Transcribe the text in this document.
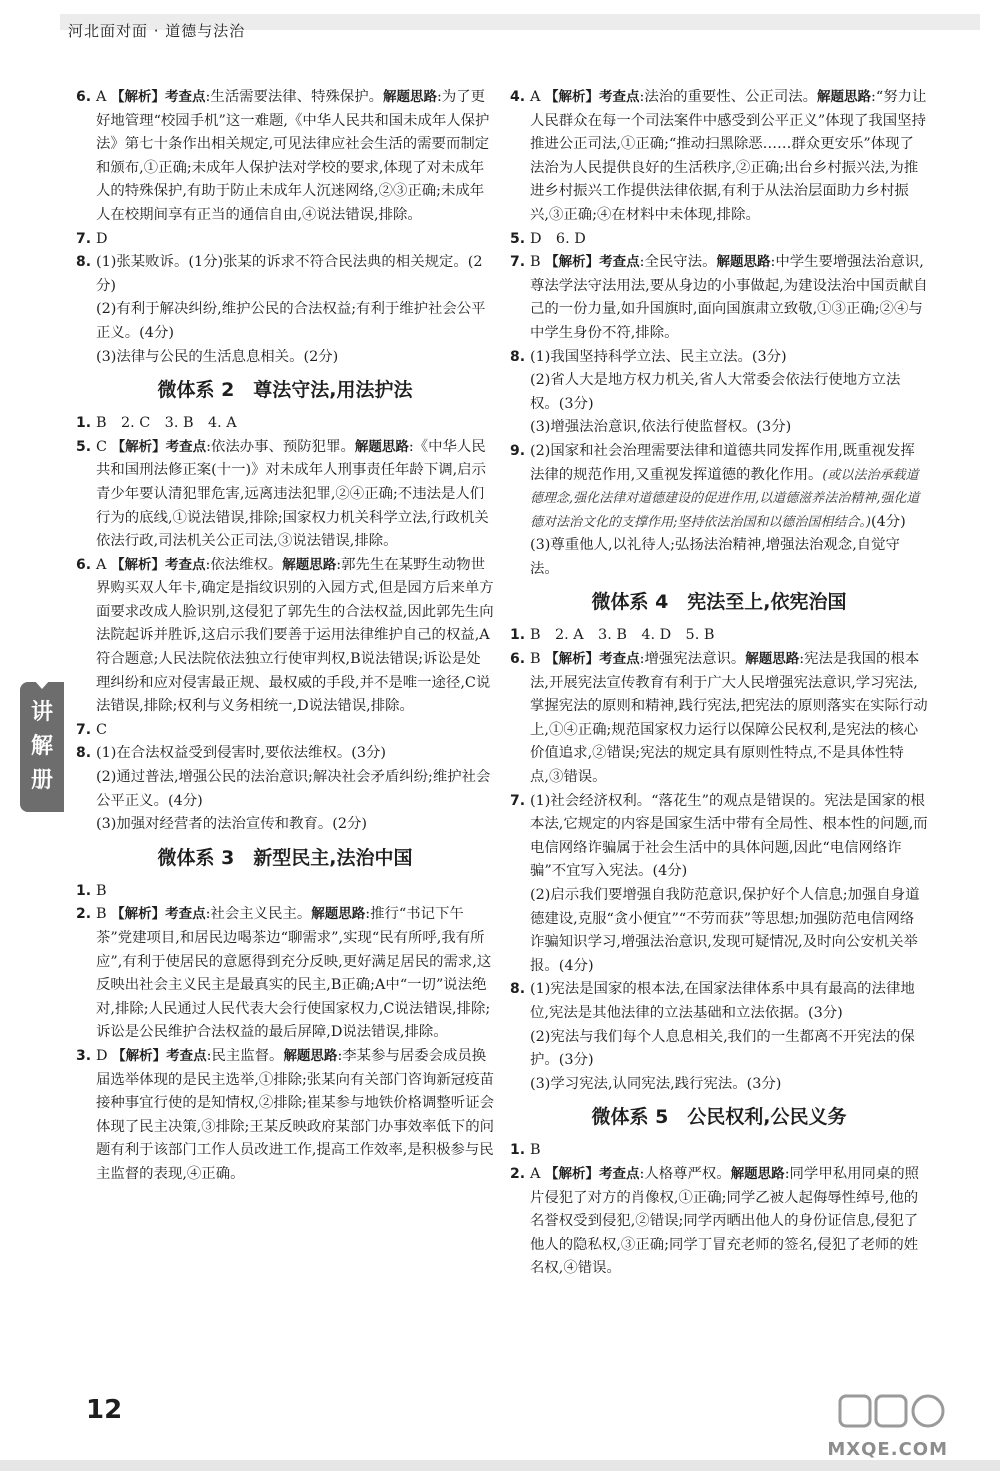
河北面对面 · 道德与法治
6. A 【解析】考查点:生活需要法律、特殊保护。解题思路:为了更好地管理“校园手机”这一难题,《中华人民共和国未成年人保护法》第七十条作出相关规定,可见法律应社会生活的需要而制定和颁布,①正确;未成年人保护法对学校的要求,体现了对未成年人的特殊保护,有助于防止未成年人沉迷网络,②③正确;未成年人在校期间享有正当的通信自由,④说法错误,排除。
7. D
8. (1)张某败诉。(1分)张某的诉求不符合民法典的相关规定。(2分)
(2)有利于解决纠纷,维护公民的合法权益;有利于维护社会公平正义。(4分)
(3)法律与公民的生活息息相关。(2分)
微体系 2　尊法守法,用法护法
1. B　2. C　3. B　4. A
5. C 【解析】考查点:依法办事、预防犯罪。解题思路:《中华人民共和国刑法修正案(十一)》对未成年人刑事责任年龄下调,启示青少年要认清犯罪危害,远离违法犯罪,②④正确;不违法是人们行为的底线,①说法错误,排除;国家权力机关科学立法,行政机关依法行政,司法机关公正司法,③说法错误,排除。
6. A 【解析】考查点:依法维权。解题思路:郭先生在某野生动物世界购买双人年卡,确定是指纹识别的入园方式,但是园方后来单方面要求改成人脸识别,这侵犯了郭先生的合法权益,因此郭先生向法院起诉并胜诉,这启示我们要善于运用法律维护自己的权益,A符合题意;人民法院依法独立行使审判权,B说法错误;诉讼是处理纠纷和应对侵害最正规、最权威的手段,并不是唯一途径,C说法错误,排除;权利与义务相统一,D说法错误,排除。
7. C
8. (1)在合法权益受到侵害时,要依法维权。(3分)
(2)通过普法,增强公民的法治意识;解决社会矛盾纠纷;维护社会公平正义。(4分)
(3)加强对经营者的法治宣传和教育。(2分)
微体系 3　新型民主,法治中国
1. B
2. B 【解析】考查点:社会主义民主。解题思路:推行“书记下午茶”党建项目,和居民边喝茶边“聊需求”,实现“民有所呼,我有所应”,有利于使居民的意愿得到充分反映,更好满足居民的需求,这反映出社会主义民主是最真实的民主,B正确;A中“一切”说法绝对,排除;人民通过人民代表大会行使国家权力,C说法错误,排除;诉讼是公民维护合法权益的最后屏障,D说法错误,排除。
3. D 【解析】考查点:民主监督。解题思路:李某参与居委会成员换届选举体现的是民主选举,①排除;张某向有关部门咨询新冠疫苗接种事宜行使的是知情权,②排除;崔某参与地铁价格调整听证会体现了民主决策,③排除;王某反映政府某部门办事效率低下的问题有利于该部门工作人员改进工作,提高工作效率,是积极参与民主监督的表现,④正确。
4. A 【解析】考查点:法治的重要性、公正司法。解题思路:“努力让人民群众在每一个司法案件中感受到公平正义”体现了我国坚持推进公正司法,①正确;“推动扫黑除恶……群众更安乐”体现了法治为人民提供良好的生活秩序,②正确;出台乡村振兴法,为推进乡村振兴工作提供法律依据,有利于从法治层面助力乡村振兴,③正确;④在材料中未体现,排除。
5. D　6. D
7. B 【解析】考查点:全民守法。解题思路:中学生要增强法治意识,尊法学法守法用法,要从身边的小事做起,为建设法治中国贡献自己的一份力量,如升国旗时,面向国旗肃立致敬,①③正确;②④与中学生身份不符,排除。
8. (1)我国坚持科学立法、民主立法。(3分)
(2)省人大是地方权力机关,省人大常委会依法行使地方立法权。(3分)
(3)增强法治意识,依法行使监督权。(3分)
9. (2)国家和社会治理需要法律和道德共同发挥作用,既重视发挥法律的规范作用,又重视发挥道德的教化作用。(或以法治承载道德理念,强化法律对道德建设的促进作用,以道德滋养法治精神,强化道德对法治文化的支撑作用;坚持依法治国和以德治国相结合。)(4分)
(3)尊重他人,以礼待人;弘扬法治精神,增强法治观念,自觉守法。
微体系 4　宪法至上,依宪治国
1. B　2. A　3. B　4. D　5. B
6. B 【解析】考查点:增强宪法意识。解题思路:宪法是我国的根本法,开展宪法宣传教育有利于广大人民增强宪法意识,学习宪法,掌握宪法的原则和精神,践行宪法,把宪法的原则落实在实际行动上,①④正确;规范国家权力运行以保障公民权利,是宪法的核心价值追求,②错误;宪法的规定具有原则性特点,不是具体性特点,③错误。
7. (1)社会经济权利。“落花生”的观点是错误的。宪法是国家的根本法,它规定的内容是国家生活中带有全局性、根本性的问题,而电信网络诈骗属于社会生活中的具体问题,因此“电信网络诈骗”不宜写入宪法。(4分)
(2)启示我们要增强自我防范意识,保护好个人信息;加强自身道德建设,克服“贪小便宜”“不劳而获”等思想;加强防范电信网络诈骗知识学习,增强法治意识,发现可疑情况,及时向公安机关举报。(4分)
8. (1)宪法是国家的根本法,在国家法律体系中具有最高的法律地位,宪法是其他法律的立法基础和立法依据。(3分)
(2)宪法与我们每个人息息相关,我们的一生都离不开宪法的保护。(3分)
(3)学习宪法,认同宪法,践行宪法。(3分)
微体系 5　公民权利,公民义务
1. B
2. A 【解析】考查点:人格尊严权。解题思路:同学甲私用同桌的照片侵犯了对方的肖像权,①正确;同学乙被人起侮辱性绰号,他的名誉权受到侵犯,②错误;同学丙晒出他人的身份证信息,侵犯了他人的隐私权,③正确;同学丁冒充老师的签名,侵犯了老师的姓名权,④错误。
讲
解
册
12
MXQE.COM
